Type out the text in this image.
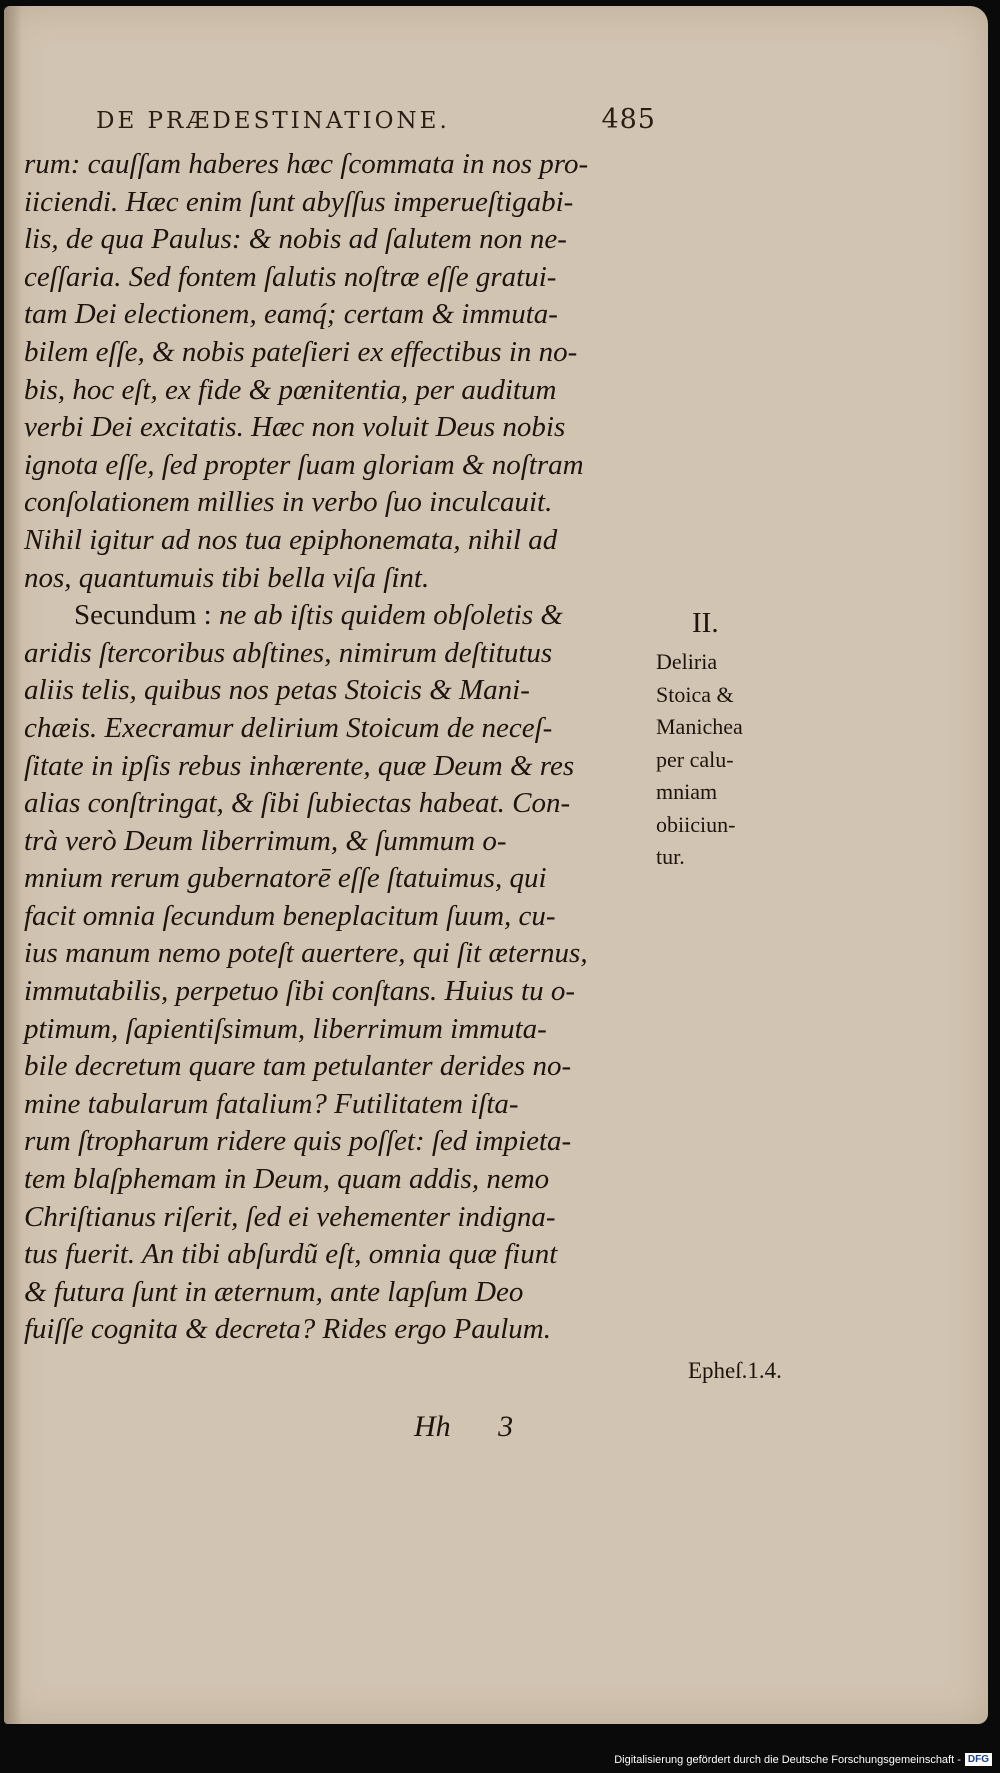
DE PRÆDESTINATIONE.	485
rum: cauſſam haberes hæc ſcommata in nos pro-
iiciendi. Hæc enim ſunt abyſſus imperueſtigabi-
lis, de qua Paulus: & nobis ad ſalutem non ne-
ceſſaria. Sed fontem ſalutis noſtræ eſſe gratui-
tam Dei electionem, eamq́; certam & immuta-
bilem eſſe, & nobis pateſieri ex effectibus in no-
bis, hoc eſt, ex fide & pœnitentia, per auditum
verbi Dei excitatis. Hæc non voluit Deus nobis
ignota eſſe, ſed propter ſuam gloriam & noſtram
conſolationem millies in verbo ſuo inculcauit.
Nihil igitur ad nos tua epiphonemata, nihil ad
nos, quantumuis tibi bella viſa ſint.
Secundum : ne ab iſtis quidem obſoletis &
aridis ſtercoribus abſtines, nimirum deſtitutus
aliis telis, quibus nos petas Stoicis & Mani-
chæis. Execramur delirium Stoicum de neceſ-
ſitate in ipſis rebus inhærente, quæ Deum & res
alias conſtringat, & ſibi ſubiectas habeat. Con-
trà verò Deum liberrimum, & ſummum o-
mnium rerum gubernatorē eſſe ſtatuimus, qui
facit omnia ſecundum beneplacitum ſuum, cu-
ius manum nemo poteſt auertere, qui ſit æternus,
immutabilis, perpetuo ſibi conſtans. Huius tu o-
ptimum, ſapientiſsimum, liberrimum immuta-
bile decretum quare tam petulanter derides no-
mine tabularum fatalium? Futilitatem iſta-
rum ſtropharum ridere quis poſſet: ſed impieta-
tem blaſphemam in Deum, quam addis, nemo
Chriſtianus riſerit, ſed ei vehementer indigna-
tus fuerit. An tibi abſurdũ eſt, omnia quæ fiunt
& futura ſunt in æternum, ante lapſum Deo
fuiſſe cognita & decreta? Rides ergo Paulum.
II.
Deliria
Stoica &
Manichea
per calu-
mniam
obiiciun-
tur.
Epheſ.1.4.
Hh 3
Digitalisierung gefördert durch die Deutsche Forschungsgemeinschaft - DFG
